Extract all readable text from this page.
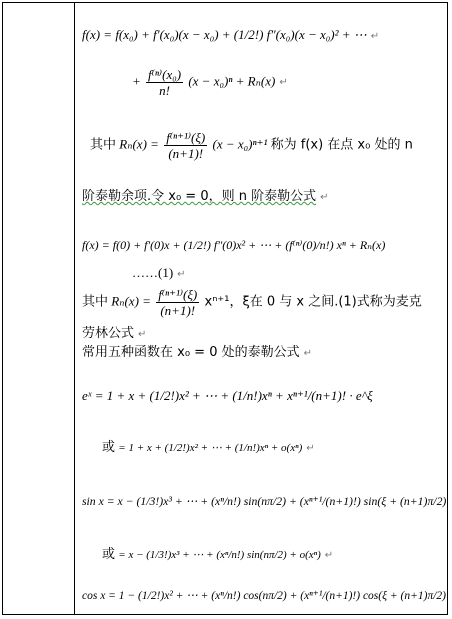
f(x) = f(x₀) + f′(x₀)(x − x₀) + (1/2!) f″(x₀)(x − x₀)² + ⋯ ↵
+ $\frac{\text{f⁽ⁿ⁾(x₀)}}{n!} (x - x_0)^n + R_n(x)$ ↵
其中 $R_n(x) = \frac{\text{f⁽ⁿ⁺¹⁾(ξ)}}{(n+1)!} (x - x_0)^{n+1}$ 称为 f(x) 在点 x₀ 处的 n
阶泰勒余项.令 x₀ = 0，则 n 阶泰勒公式 ↵
f(x) = f(0) + f′(0)x + (1/2!) f″(0)x² + ⋯ + (f⁽ⁿ⁾(0)/n!) xⁿ + Rₙ(x)
……(1) ↵
其中 $R_n(x) = \frac{\text{f⁽ⁿ⁺¹⁾(ξ)}}{(n+1)!} x^{n+1}$，ξ在 0 与 x 之间.(1)式称为麦克
劳林公式 ↵
常用五种函数在 x₀ = 0 处的泰勒公式 ↵
eˣ = 1 + x + (1/2!)x² + ⋯ + (1/n!)xⁿ + xⁿ⁺¹/(n+1)! · e^ξ
或 = 1 + x + (1/2!)x² + ⋯ + (1/n!)xⁿ + o(xⁿ) ↵
sin x = x − (1/3!)x³ + ⋯ + (xⁿ/n!) sin(nπ/2) + (xⁿ⁺¹/(n+1)!) sin(ξ + (n+1)π/2)
或 = x − (1/3!)x³ + ⋯ + (xⁿ/n!) sin(nπ/2) + o(xⁿ) ↵
cos x = 1 − (1/2!)x² + ⋯ + (xⁿ/n!) cos(nπ/2) + (xⁿ⁺¹/(n+1)!) cos(ξ + (n+1)π/2)
